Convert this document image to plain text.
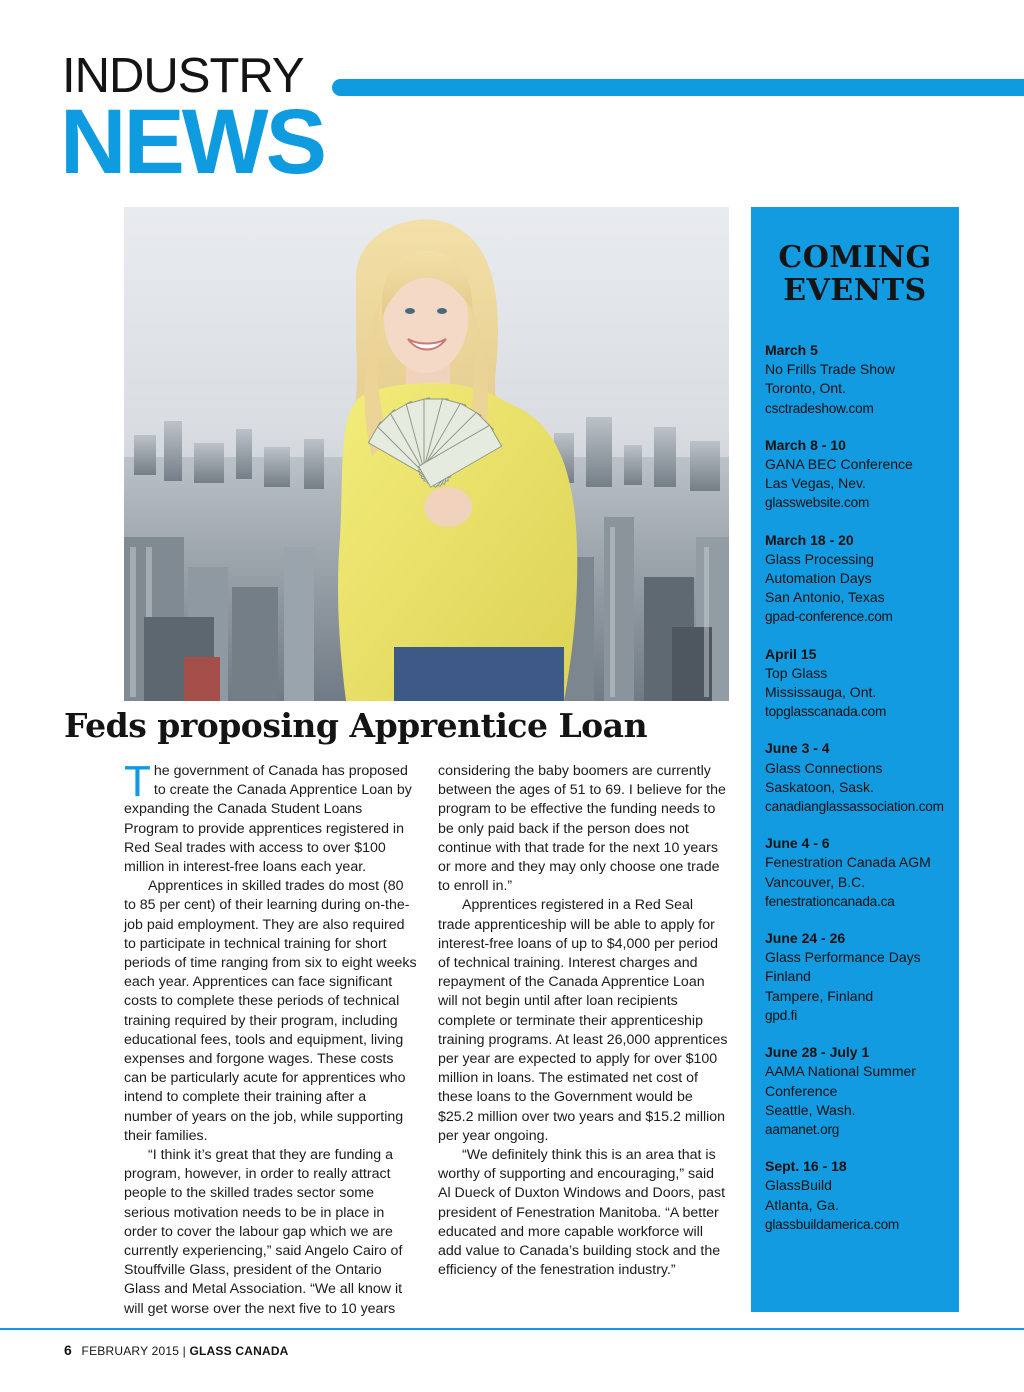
INDUSTRY
NEWS
Feds proposing Apprentice Loan

The government of Canada has proposed to create the Canada Apprentice Loan by expanding the Canada Student Loans Program to provide apprentices registered in Red Seal trades with access to over $100 million in interest-free loans each year.

Apprentices in skilled trades do most (80 to 85 per cent) of their learning during on-the-job paid employment. They are also required to participate in technical training for short periods of time ranging from six to eight weeks each year. Apprentices can face significant costs to complete these periods of technical training required by their program, including educational fees, tools and equipment, living expenses and forgone wages. These costs can be particularly acute for apprentices who intend to complete their training after a number of years on the job, while supporting their families.

“I think it’s great that they are funding a program, however, in order to really attract people to the skilled trades sector some serious motivation needs to be in place in order to cover the labour gap which we are currently experiencing,” said Angelo Cairo of Stouffville Glass, president of the Ontario Glass and Metal Association. “We all know it will get worse over the next five to 10 years

considering the baby boomers are currently between the ages of 51 to 69. I believe for the program to be effective the funding needs to be only paid back if the person does not continue with that trade for the next 10 years or more and they may only choose one trade to enroll in.”

Apprentices registered in a Red Seal trade apprenticeship will be able to apply for interest-free loans of up to $4,000 per period of technical training. Interest charges and repayment of the Canada Apprentice Loan will not begin until after loan recipients complete or terminate their apprenticeship training programs. At least 26,000 apprentices per year are expected to apply for over $100 million in loans. The estimated net cost of these loans to the Government would be $25.2 million over two years and $15.2 million per year ongoing.

“We definitely think this is an area that is worthy of supporting and encouraging,” said Al Dueck of Duxton Windows and Doors, past president of Fenestration Manitoba. “A better educated and more capable workforce will add value to Canada’s building stock and the efficiency of the fenestration industry.”

COMING
EVENTS
March 5
No Frills Trade Show
Toronto, Ont.
csctradeshow.com
March 8 - 10
GANA BEC Conference
Las Vegas, Nev.
glasswebsite.com
March 18 - 20
Glass Processing
Automation Days
San Antonio, Texas
gpad-conference.com
April 15
Top Glass
Mississauga, Ont.
topglasscanada.com
June 3 - 4
Glass Connections
Saskatoon, Sask.
canadianglassassociation.com
June 4 - 6
Fenestration Canada AGM
Vancouver, B.C.
fenestrationcanada.ca
June 24 - 26
Glass Performance Days
Finland
Tampere, Finland
gpd.fi
June 28 - July 1
AAMA National Summer
Conference
Seattle, Wash.
aamanet.org
Sept. 16 - 18
GlassBuild
Atlanta, Ga.
glassbuildamerica.com
6 FEBRUARY 2015 | GLASS CANADA
